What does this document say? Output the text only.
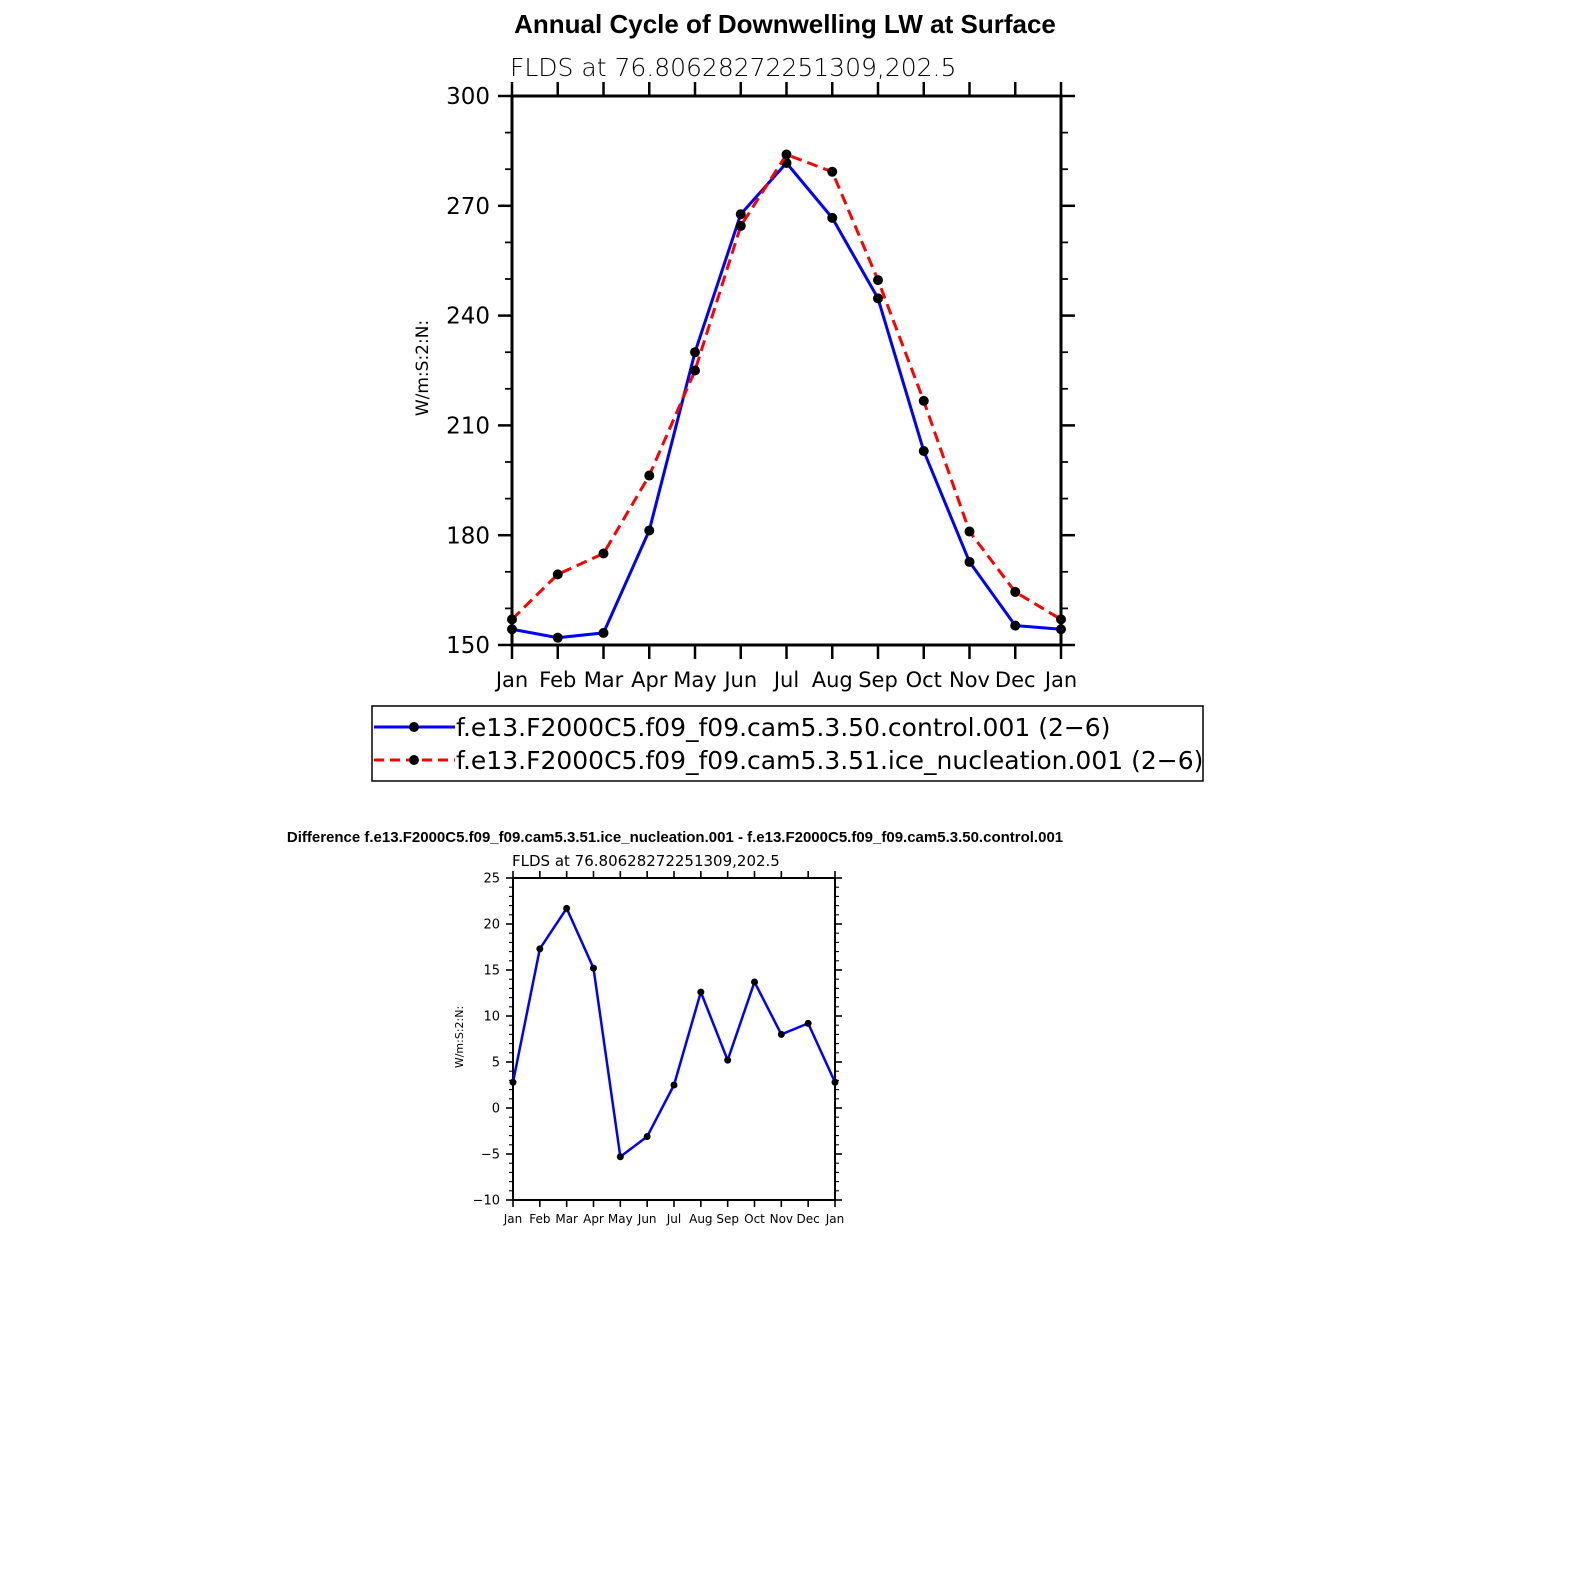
Annual Cycle of Downwelling LW at Surface
FLDS at 76.80628272251309,202.5
W/m:S:2:N:
Jan Feb Mar Apr May Jun Jul Aug Sep Oct Nov Dec Jan
150
180
210
240
270
300
f.e13.F2000C5.f09_f09.cam5.3.50.control.001 (2−6)
f.e13.F2000C5.f09_f09.cam5.3.51.ice_nucleation.001 (2−6)
Difference f.e13.F2000C5.f09_f09.cam5.3.51.ice_nucleation.001 - f.e13.F2000C5.f09_f09.cam5.3.50.control.001
FLDS at 76.80628272251309,202.5
W/m:S:2:N:
Jan Feb Mar Apr May Jun Jul Aug Sep Oct Nov Dec Jan
−10
−5
0
5
10
15
20
25
